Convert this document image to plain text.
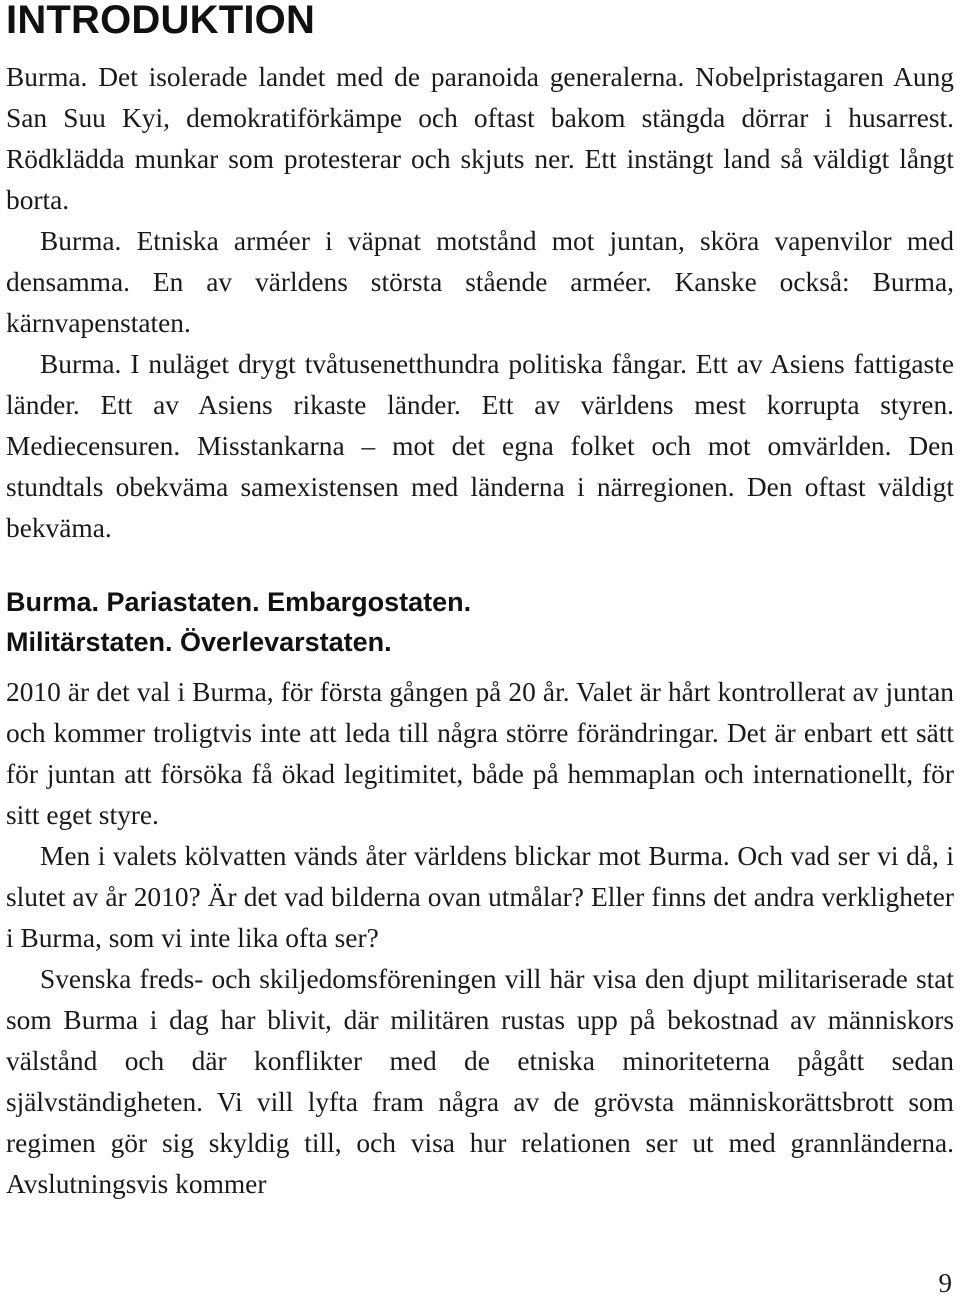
INTRODUKTION

Burma. Det isolerade landet med de paranoida generalerna. Nobelpristagaren Aung San Suu Kyi, demokratiförkämpe och oftast bakom stängda dörrar i husarrest. Rödklädda munkar som protesterar och skjuts ner. Ett instängt land så väldigt långt borta.

Burma. Etniska arméer i väpnat motstånd mot juntan, sköra vapenvilor med densamma. En av världens största stående arméer. Kanske också: Burma, kärnvapenstaten.

Burma. I nuläget drygt tvåtusenetthundra politiska fångar. Ett av Asiens fattigaste länder. Ett av Asiens rikaste länder. Ett av världens mest korrupta styren. Mediecensuren. Misstankarna – mot det egna folket och mot omvärlden. Den stundtals obekväma samexistensen med länderna i närregionen. Den oftast väldigt bekväma.

Burma. Pariastaten. Embargostaten.

Militärstaten. Överlevarstaten.

2010 är det val i Burma, för första gången på 20 år. Valet är hårt kontrollerat av juntan och kommer troligtvis inte att leda till några större förändringar. Det är enbart ett sätt för juntan att försöka få ökad legitimitet, både på hemmaplan och internationellt, för sitt eget styre.

Men i valets kölvatten vänds åter världens blickar mot Burma. Och vad ser vi då, i slutet av år 2010? Är det vad bilderna ovan utmålar? Eller finns det andra verkligheter i Burma, som vi inte lika ofta ser?

Svenska freds- och skiljedomsföreningen vill här visa den djupt militariserade stat som Burma i dag har blivit, där militären rustas upp på bekostnad av människors välstånd och där konflikter med de etniska minoriteterna pågått sedan självständigheten. Vi vill lyfta fram några av de grövsta människorättsbrott som regimen gör sig skyldig till, och visa hur relationen ser ut med grannländerna. Avslutningsvis kommer

9
